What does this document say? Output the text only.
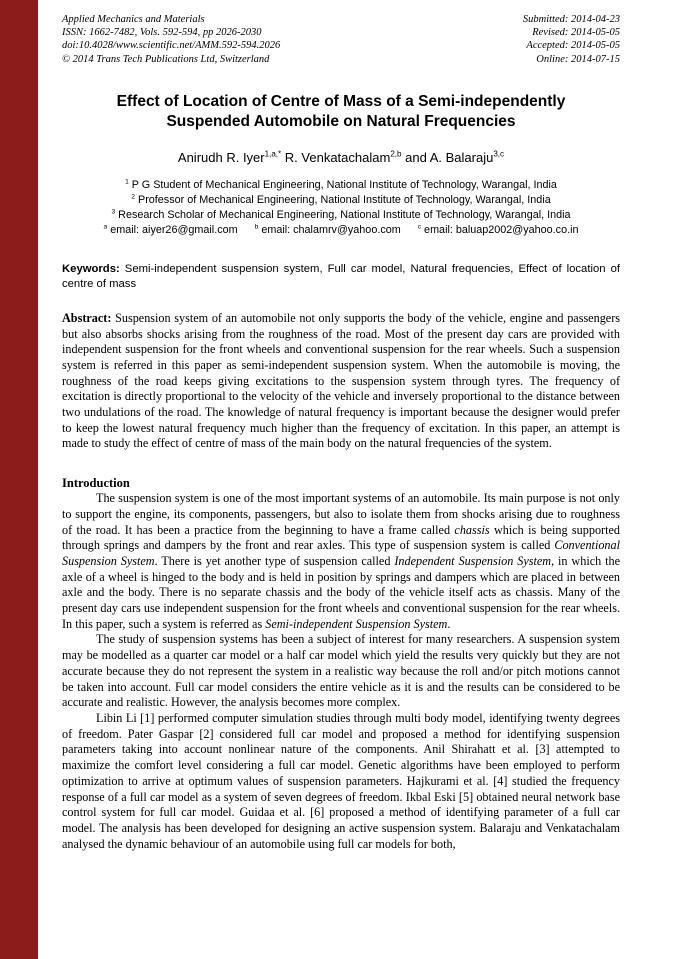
Applied Mechanics and Materials
ISSN: 1662-7482, Vols. 592-594, pp 2026-2030
doi:10.4028/www.scientific.net/AMM.592-594.2026
© 2014 Trans Tech Publications Ltd, Switzerland
Submitted: 2014-04-23
Revised: 2014-05-05
Accepted: 2014-05-05
Online: 2014-07-15
Effect of Location of Centre of Mass of a Semi-independently Suspended Automobile on Natural Frequencies
Anirudh R. Iyer$^{1,a,*}$ R. Venkatachalam$^{2,b}$ and A. Balaraju$^{3,c}$
$^1$ P G Student of Mechanical Engineering, National Institute of Technology, Warangal, India
$^2$ Professor of Mechanical Engineering, National Institute of Technology, Warangal, India
$^3$ Research Scholar of Mechanical Engineering, National Institute of Technology, Warangal, India
$^a$ email: aiyer26@gmail.com	$^b$ email: chalamrv@yahoo.com	$^c$ email: baluap2002@yahoo.co.in

Keywords: Semi-independent suspension system, Full car model, Natural frequencies, Effect of location of centre of mass

Abstract: Suspension system of an automobile not only supports the body of the vehicle, engine and passengers but also absorbs shocks arising from the roughness of the road. Most of the present day cars are provided with independent suspension for the front wheels and conventional suspension for the rear wheels. Such a suspension system is referred in this paper as semi-independent suspension system. When the automobile is moving, the roughness of the road keeps giving excitations to the suspension system through tyres. The frequency of excitation is directly proportional to the velocity of the vehicle and inversely proportional to the distance between two undulations of the road. The knowledge of natural frequency is important because the designer would prefer to keep the lowest natural frequency much higher than the frequency of excitation. In this paper, an attempt is made to study the effect of centre of mass of the main body on the natural frequencies of the system.

Introduction

The suspension system is one of the most important systems of an automobile. Its main purpose is not only to support the engine, its components, passengers, but also to isolate them from shocks arising due to roughness of the road. It has been a practice from the beginning to have a frame called chassis which is being supported through springs and dampers by the front and rear axles. This type of suspension system is called Conventional Suspension System. There is yet another type of suspension called Independent Suspension System, in which the axle of a wheel is hinged to the body and is held in position by springs and dampers which are placed in between axle and the body. There is no separate chassis and the body of the vehicle itself acts as chassis. Many of the present day cars use independent suspension for the front wheels and conventional suspension for the rear wheels. In this paper, such a system is referred as Semi-independent Suspension System.

The study of suspension systems has been a subject of interest for many researchers. A suspension system may be modelled as a quarter car model or a half car model which yield the results very quickly but they are not accurate because they do not represent the system in a realistic way because the roll and/or pitch motions cannot be taken into account. Full car model considers the entire vehicle as it is and the results can be considered to be accurate and realistic. However, the analysis becomes more complex.

Libin Li [1] performed computer simulation studies through multi body model, identifying twenty degrees of freedom. Pater Gaspar [2] considered full car model and proposed a method for identifying suspension parameters taking into account nonlinear nature of the components. Anil Shirahatt et al. [3] attempted to maximize the comfort level considering a full car model. Genetic algorithms have been employed to perform optimization to arrive at optimum values of suspension parameters. Hajkurami et al. [4] studied the frequency response of a full car model as a system of seven degrees of freedom. Ikbal Eski [5] obtained neural network base control system for full car model. Guidaa et al. [6] proposed a method of identifying parameter of a full car model. The analysis has been developed for designing an active suspension system. Balaraju and Venkatachalam analysed the dynamic behaviour of an automobile using full car models for both,
